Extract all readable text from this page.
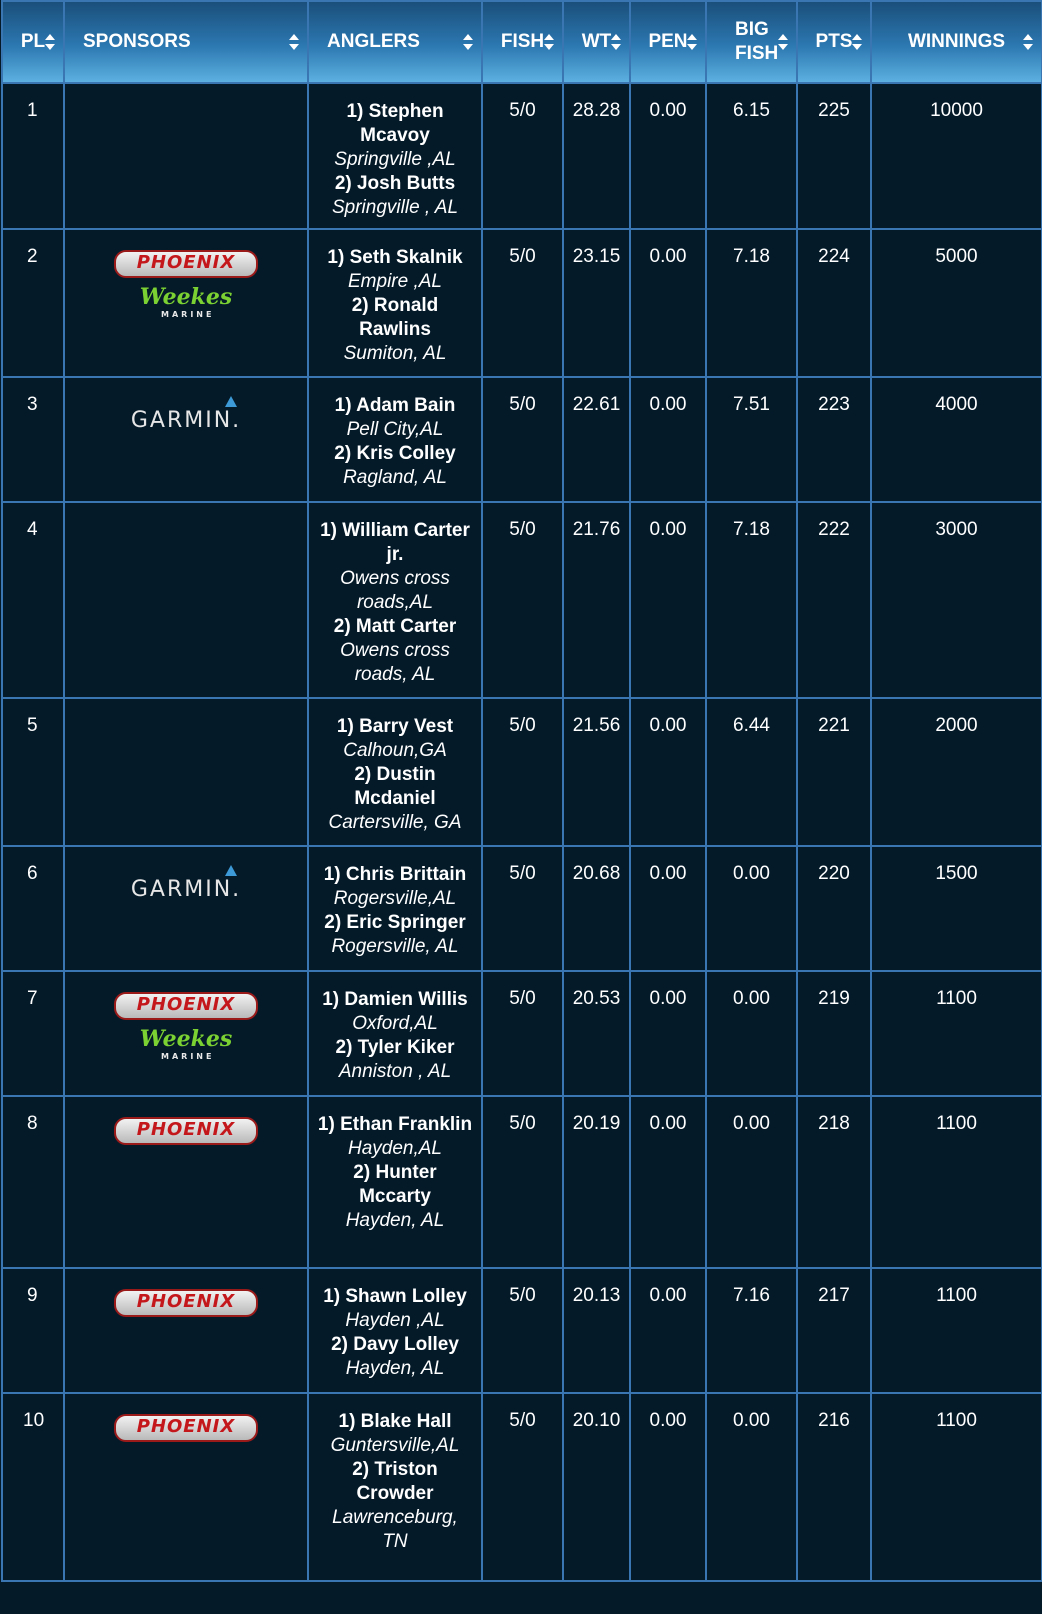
PL	SPONSORS	ANGLERS	FISH	WT	PEN	BIG FISH	PTS	WINNINGS

1		1) Stephen Mcavoy
Springville ,AL
2) Josh Butts
Springville , AL	5/0	28.28	0.00	6.15	225	10000
2	PHOENIX
Weekes
MARINE	1) Seth Skalnik
Empire ,AL
2) Ronald Rawlins
Sumiton, AL	5/0	23.15	0.00	7.18	224	5000
3	GARMIN.	1) Adam Bain
Pell City,AL
2) Kris Colley
Ragland, AL	5/0	22.61	0.00	7.51	223	4000
4		1) William Carter jr.
Owens cross roads,AL
2) Matt Carter
Owens cross roads, AL	5/0	21.76	0.00	7.18	222	3000
5		1) Barry Vest
Calhoun,GA
2) Dustin Mcdaniel
Cartersville, GA	5/0	21.56	0.00	6.44	221	2000
6	GARMIN.	1) Chris Brittain
Rogersville,AL
2) Eric Springer
Rogersville, AL	5/0	20.68	0.00	0.00	220	1500
7	PHOENIX
Weekes
MARINE	1) Damien Willis
Oxford,AL
2) Tyler Kiker
Anniston , AL	5/0	20.53	0.00	0.00	219	1100
8	PHOENIX	1) Ethan Franklin
Hayden,AL
2) Hunter Mccarty
Hayden, AL	5/0	20.19	0.00	0.00	218	1100
9	PHOENIX	1) Shawn Lolley
Hayden ,AL
2) Davy Lolley
Hayden, AL	5/0	20.13	0.00	7.16	217	1100
10	PHOENIX	1) Blake Hall
Guntersville,AL
2) Triston Crowder
Lawrenceburg, TN	5/0	20.10	0.00	0.00	216	1100
